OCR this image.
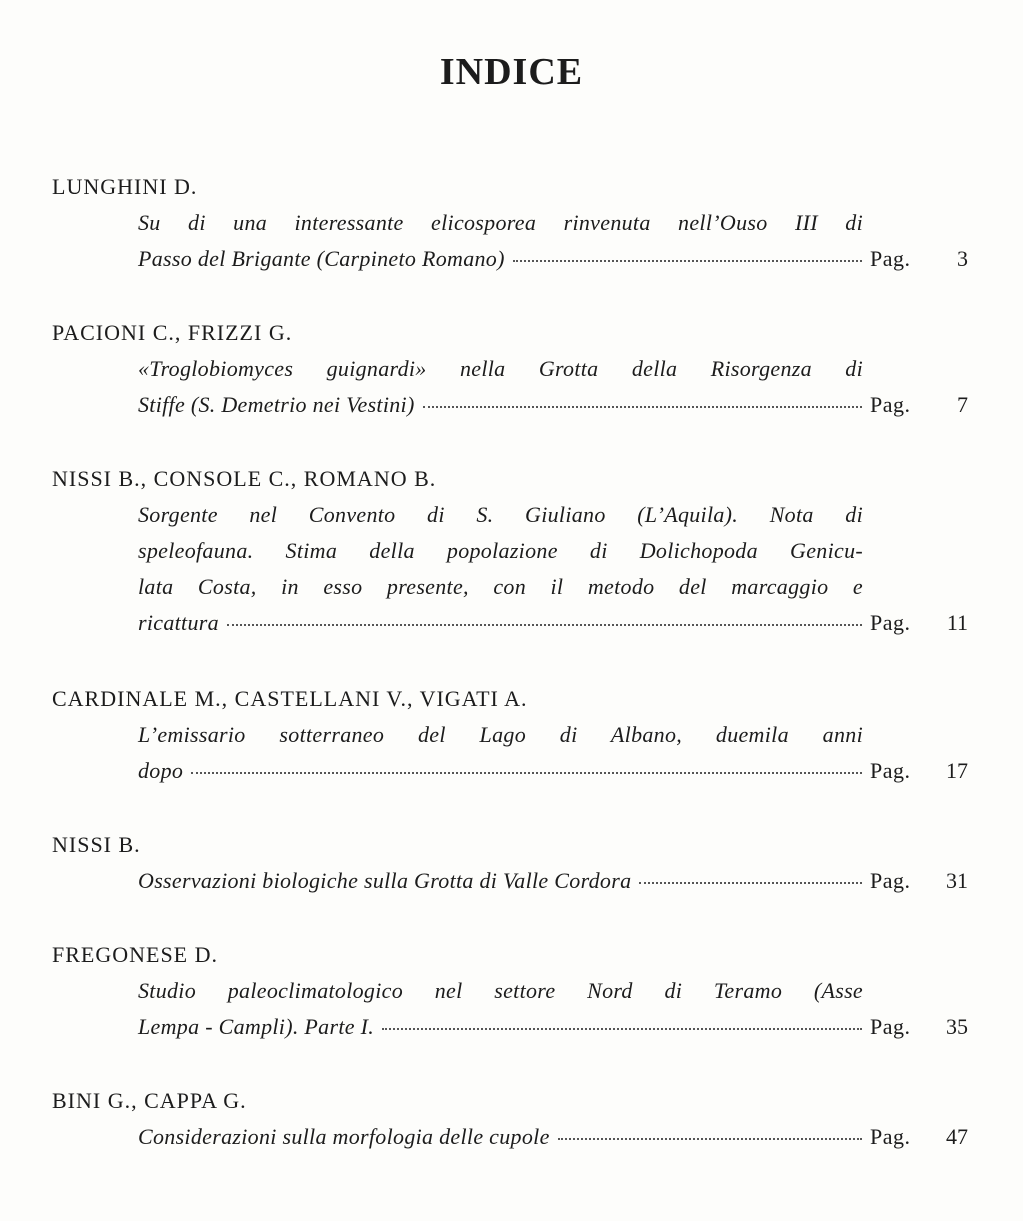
INDICE
LUNGHINI D.
Su di una interessante elicosporea rinvenuta nell’Ouso III di
Passo del Brigante (Carpineto Romano)	Pag.	3
PACIONI C., FRIZZI G.
«Troglobiomyces guignardi» nella Grotta della Risorgenza di
Stiffe (S. Demetrio nei Vestini)	Pag.	7
NISSI B., CONSOLE C., ROMANO B.
Sorgente nel Convento di S. Giuliano (L’Aquila). Nota di
speleofauna. Stima della popolazione di Dolichopoda Genicu-
lata Costa, in esso presente, con il metodo del marcaggio e
ricattura	Pag.	11
CARDINALE M., CASTELLANI V., VIGATI A.
L’emissario sotterraneo del Lago di Albano, duemila anni
dopo	Pag.	17
NISSI B.
Osservazioni biologiche sulla Grotta di Valle Cordora	Pag.	31
FREGONESE D.
Studio paleoclimatologico nel settore Nord di Teramo (Asse
Lempa - Campli). Parte I.	Pag.	35
BINI G., CAPPA G.
Considerazioni sulla morfologia delle cupole	Pag.	47
